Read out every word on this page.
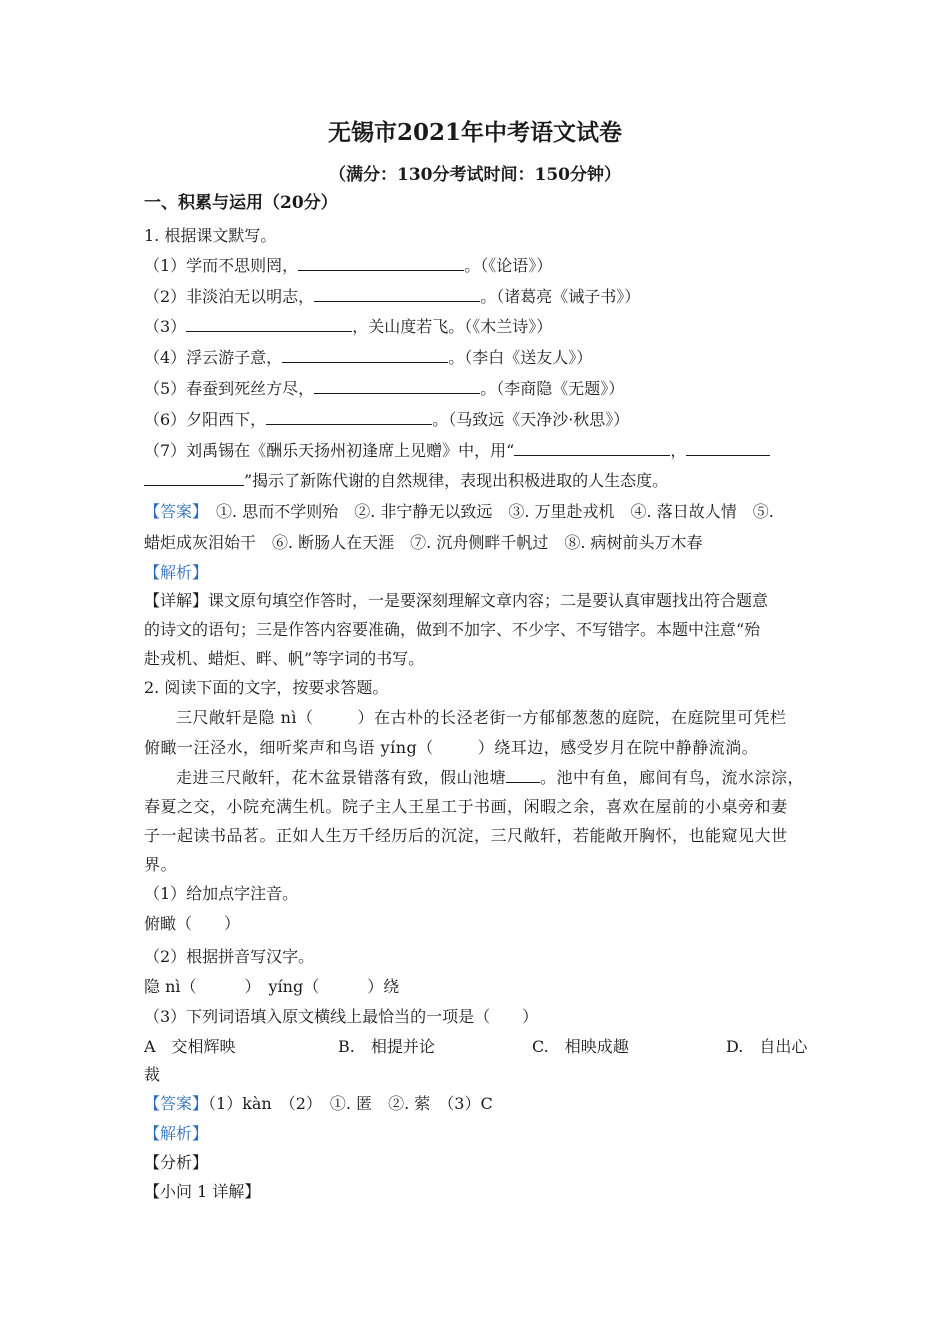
无锡市2021年中考语文试卷
（满分：130分考试时间：150分钟）
一、积累与运用（20分）
1. 根据课文默写。
（1）学而不思则罔，	。（《论语》）
（2）非淡泊无以明志，	。（诸葛亮《诫子书》）
（3）	，关山度若飞。（《木兰诗》）
（4）浮云游子意，	。（李白《送友人》）
（5）春蚕到死丝方尽，	。（李商隐《无题》）
（6）夕阳西下，	。（马致远《天净沙·秋思》）
（7）刘禹锡在《酬乐天扬州初逢席上见赠》中，用“	，
”揭示了新陈代谢的自然规律，表现出积极进取的人生态度。
【答案】　 ①. 思而不学则殆　②. 非宁静无以致远　③. 万里赴戎机　④. 落日故人情　⑤.
蜡炬成灰泪始干　⑥. 断肠人在天涯　⑦. 沉舟侧畔千帆过　⑧. 病树前头万木春
【解析】
【详解】课文原句填空作答时，一是要深刻理解文章内容；二是要认真审题找出符合题意
的诗文的语句；三是作答内容要准确，做到不加字、不少字、不写错字。本题中注意“殆
赴戎机、蜡炬、畔、帆”等字词的书写。
2. 阅读下面的文字，按要求答题。
三尺敞轩是隐 nì（	）在古朴的长泾老街一方郁郁葱葱的庭院，在庭院里可凭栏
俯瞰一汪泾水，细听桨声和鸟语 yíng（	）绕耳边，感受岁月在院中静静流淌。
走进三尺敞轩，花木盆景错落有致，假山池塘 。池中有鱼，廊间有鸟，流水淙淙，
春夏之交，小院充满生机。院子主人王星工于书画，闲暇之余，喜欢在屋前的小桌旁和妻
子一起读书品茗。正如人生万千经历后的沉淀，三尺敞轩，若能敞开胸怀，也能窥见大世
界。
（1）给加点字注音。
俯瞰（　　）
（2）根据拼音写汉字。
隐 nì（　　　）　yíng（　　　）绕
（3）下列词语填入原文横线上最恰当的一项是（　　）
A　交相辉映	B.　相提并论	C.　相映成趣	D.　自出心
裁
【答案】（1）kàn　（2）　①. 匿　②. 萦　（3）C
【解析】
【分析】
【小问 1 详解】
